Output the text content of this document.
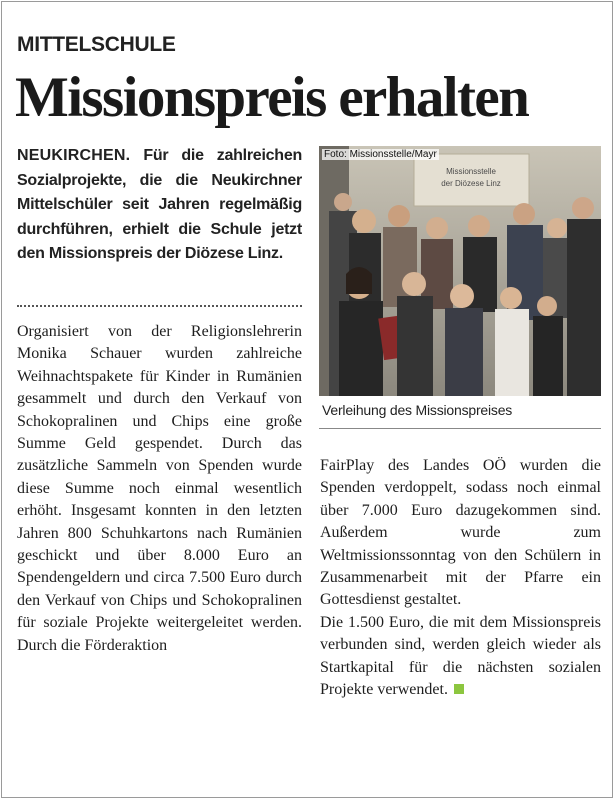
MITTELSCHULE
Missionspreis erhalten
NEUKIRCHEN. Für die zahlreichen Sozialprojekte, die die Neukirchner Mittelschüler seit Jahren regelmäßig durchführen, erhielt die Schule jetzt den Missionspreis der Diözese Linz.

Organisiert von der Religionslehrerin Monika Schauer wurden zahlreiche Weihnachtspakete für Kinder in Rumänien gesammelt und durch den Verkauf von Schokopralinen und Chips eine große Summe Geld gespendet. Durch das zusätzliche Sammeln von Spenden wurde diese Summe noch einmal wesentlich erhöht. Insgesamt konnten in den letzten Jahren 800 Schuhkartons nach Rumänien geschickt und über 8.000 Euro an Spendengeldern und circa 7.500 Euro durch den Verkauf von Chips und Schokopralinen für soziale Projekte weitergeleitet werden. Durch die Förderaktion

Missionsstelle
der Diözese Linz
Foto: Missionsstelle/Mayr
Verleihung des Missionspreises

FairPlay des Landes OÖ wurden die Spenden verdoppelt, sodass noch einmal über 7.000 Euro dazugekommen sind. Außerdem wurde zum Weltmissionssonntag von den Schülern in Zusammenarbeit mit der Pfarre ein Gottesdienst gestaltet.

Die 1.500 Euro, die mit dem Missionspreis verbunden sind, werden gleich wieder als Startkapital für die nächsten sozialen Projekte verwendet.
